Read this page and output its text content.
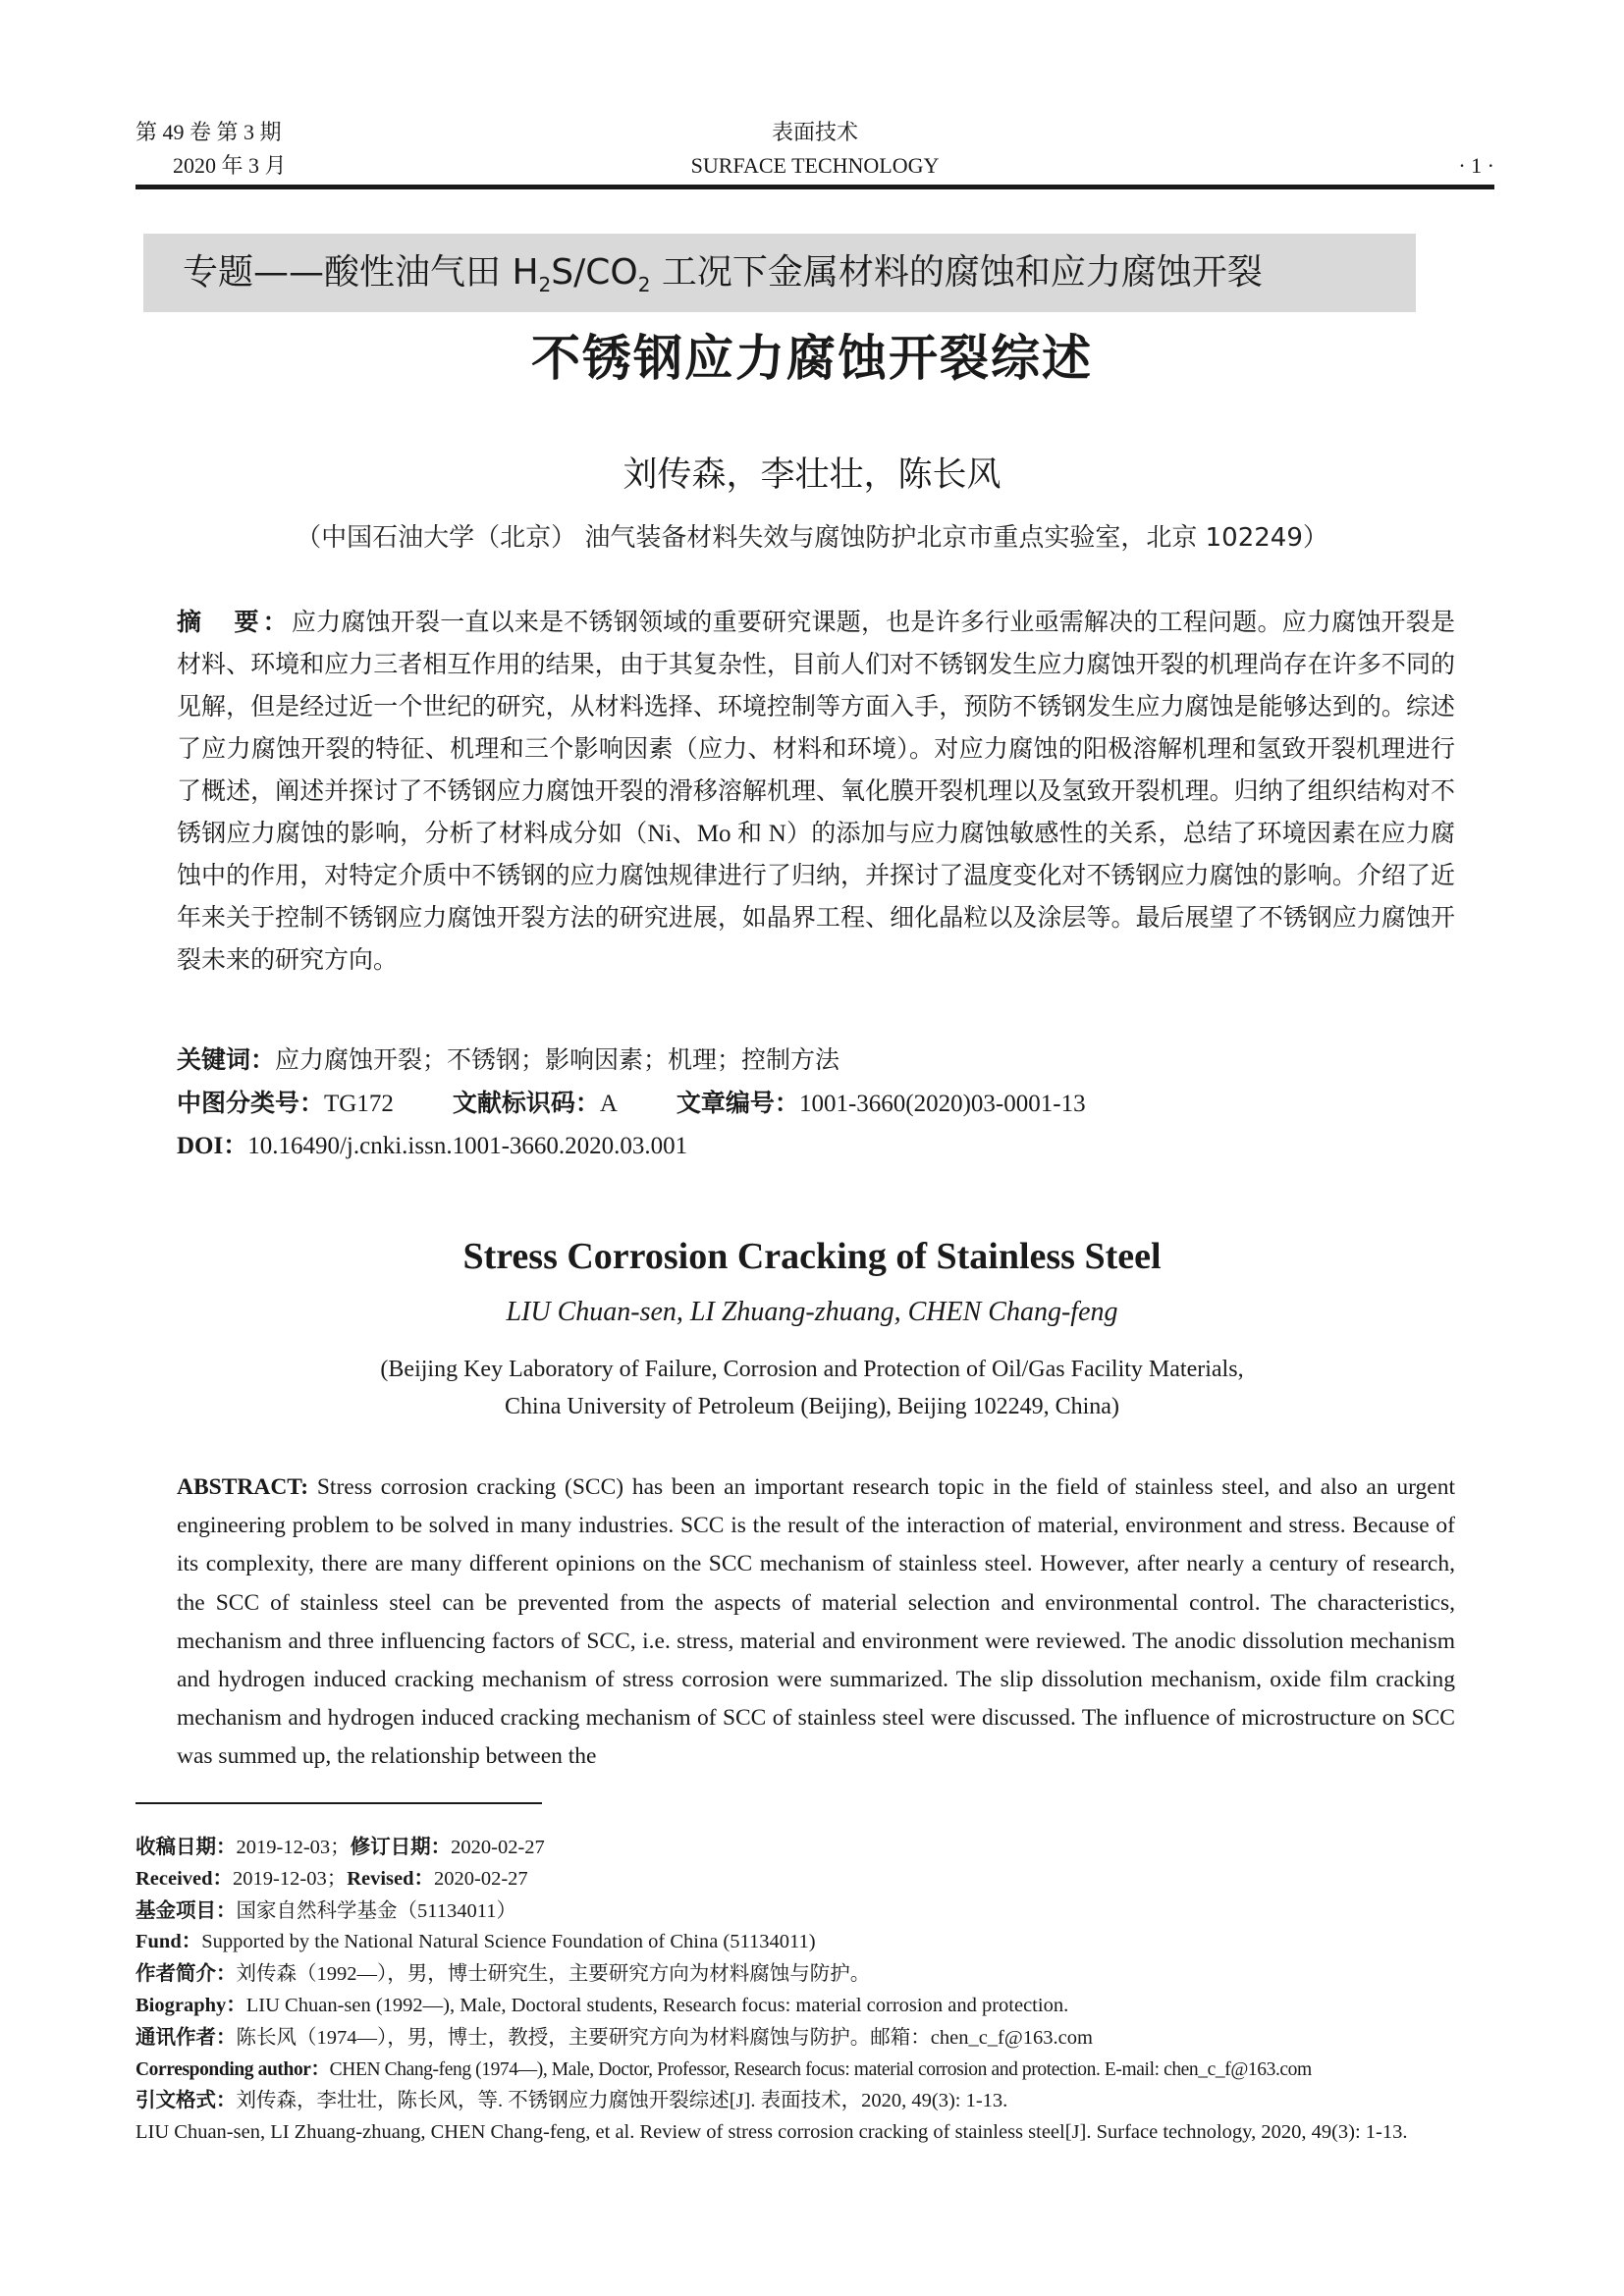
第 49 卷 第 3 期
2020 年 3 月
表面技术
SURFACE TECHNOLOGY	· 1 ·
专题——酸性油气田 $H_2S/CO_2$ 工况下金属材料的腐蚀和应力腐蚀开裂
不锈钢应力腐蚀开裂综述
刘传森，李壮壮，陈长风
（中国石油大学（北京） 油气装备材料失效与腐蚀防护北京市重点实验室，北京 102249）
摘　要：应力腐蚀开裂一直以来是不锈钢领域的重要研究课题，也是许多行业亟需解决的工程问题。应力腐蚀开裂是材料、环境和应力三者相互作用的结果，由于其复杂性，目前人们对不锈钢发生应力腐蚀开裂的机理尚存在许多不同的见解，但是经过近一个世纪的研究，从材料选择、环境控制等方面入手，预防不锈钢发生应力腐蚀是能够达到的。综述了应力腐蚀开裂的特征、机理和三个影响因素（应力、材料和环境）。对应力腐蚀的阳极溶解机理和氢致开裂机理进行了概述，阐述并探讨了不锈钢应力腐蚀开裂的滑移溶解机理、氧化膜开裂机理以及氢致开裂机理。归纳了组织结构对不锈钢应力腐蚀的影响，分析了材料成分如（Ni、Mo 和 N）的添加与应力腐蚀敏感性的关系，总结了环境因素在应力腐蚀中的作用，对特定介质中不锈钢的应力腐蚀规律进行了归纳，并探讨了温度变化对不锈钢应力腐蚀的影响。介绍了近年来关于控制不锈钢应力腐蚀开裂方法的研究进展，如晶界工程、细化晶粒以及涂层等。最后展望了不锈钢应力腐蚀开裂未来的研究方向。
关键词：应力腐蚀开裂；不锈钢；影响因素；机理；控制方法
中图分类号：TG172 文献标识码：A 文章编号：1001-3660(2020)03-0001-13
DOI：10.16490/j.cnki.issn.1001-3660.2020.03.001
Stress Corrosion Cracking of Stainless Steel
LIU Chuan-sen, LI Zhuang-zhuang, CHEN Chang-feng
(Beijing Key Laboratory of Failure, Corrosion and Protection of Oil/Gas Facility Materials,
China University of Petroleum (Beijing), Beijing 102249, China)
ABSTRACT: Stress corrosion cracking (SCC) has been an important research topic in the field of stainless steel, and also an urgent engineering problem to be solved in many industries. SCC is the result of the interaction of material, environment and stress. Because of its complexity, there are many different opinions on the SCC mechanism of stainless steel. However, after nearly a century of research, the SCC of stainless steel can be prevented from the aspects of material selection and environmental control. The characteristics, mechanism and three influencing factors of SCC, i.e. stress, material and environment were reviewed. The anodic dissolution mechanism and hydrogen induced cracking mechanism of stress corrosion were summarized. The slip dissolution mechanism, oxide film cracking mechanism and hydrogen induced cracking mechanism of SCC of stainless steel were discussed. The influence of microstructure on SCC was summed up, the relationship between the
收稿日期：2019-12-03；修订日期：2020-02-27
Received：2019-12-03；Revised：2020-02-27
基金项目：国家自然科学基金（51134011）
Fund：Supported by the National Natural Science Foundation of China (51134011)
作者简介：刘传森（1992—），男，博士研究生，主要研究方向为材料腐蚀与防护。
Biography：LIU Chuan-sen (1992—), Male, Doctoral students, Research focus: material corrosion and protection.
通讯作者：陈长风（1974—），男，博士，教授，主要研究方向为材料腐蚀与防护。邮箱：chen_c_f@163.com
Corresponding author：CHEN Chang-feng (1974—), Male, Doctor, Professor, Research focus: material corrosion and protection. E-mail: chen_c_f@163.com
引文格式：刘传森，李壮壮，陈长风，等. 不锈钢应力腐蚀开裂综述[J]. 表面技术，2020, 49(3): 1-13.
LIU Chuan-sen, LI Zhuang-zhuang, CHEN Chang-feng, et al. Review of stress corrosion cracking of stainless steel[J]. Surface technology, 2020, 49(3): 1-13.
